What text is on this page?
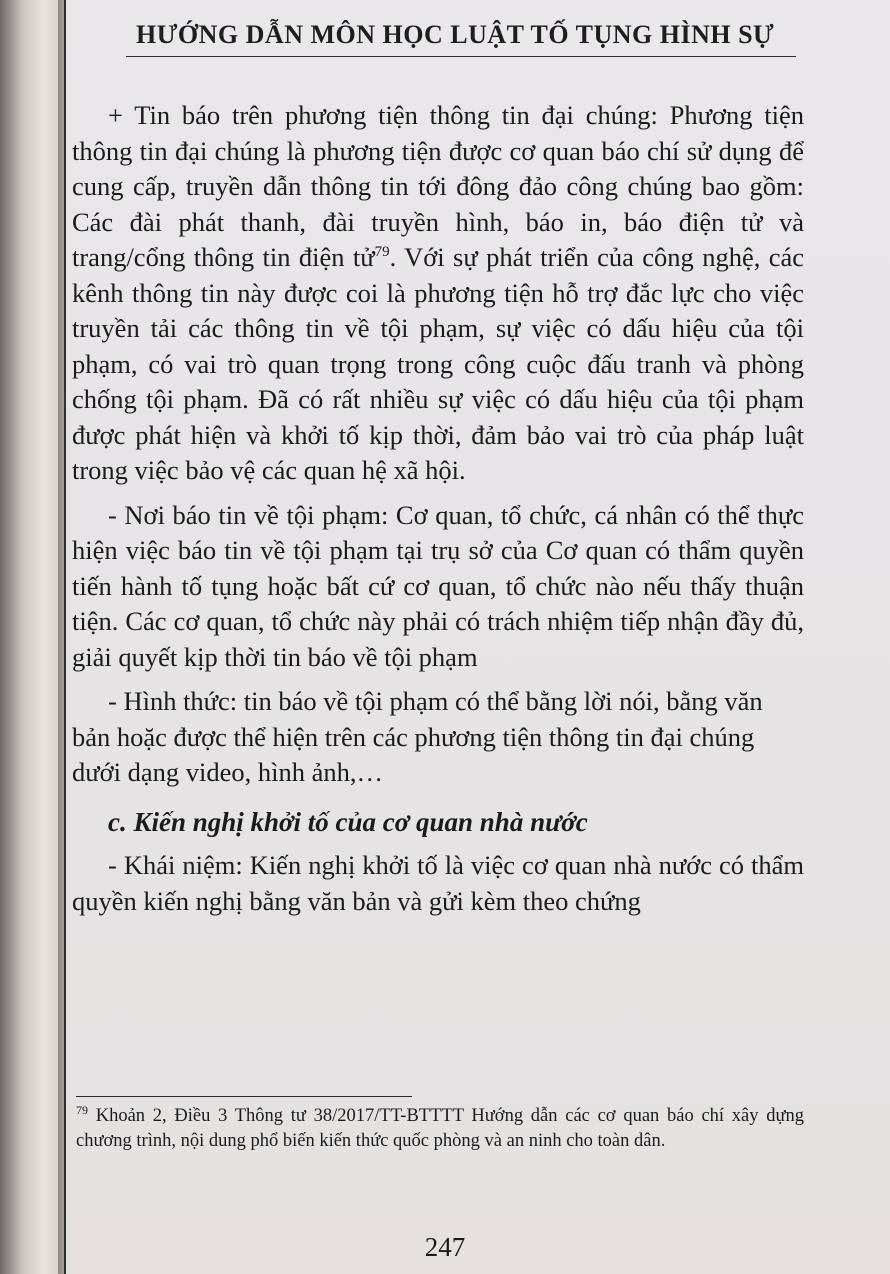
HƯỚNG DẪN MÔN HỌC LUẬT TỐ TỤNG HÌNH SỰ

+ Tin báo trên phương tiện thông tin đại chúng: Phương tiện thông tin đại chúng là phương tiện được cơ quan báo chí sử dụng để cung cấp, truyền dẫn thông tin tới đông đảo công chúng bao gồm: Các đài phát thanh, đài truyền hình, báo in, báo điện tử và trang/cổng thông tin điện tử$^{79}$. Với sự phát triển của công nghệ, các kênh thông tin này được coi là phương tiện hỗ trợ đắc lực cho việc truyền tải các thông tin về tội phạm, sự việc có dấu hiệu của tội phạm, có vai trò quan trọng trong công cuộc đấu tranh và phòng chống tội phạm. Đã có rất nhiều sự việc có dấu hiệu của tội phạm được phát hiện và khởi tố kịp thời, đảm bảo vai trò của pháp luật trong việc bảo vệ các quan hệ xã hội.

- Nơi báo tin về tội phạm: Cơ quan, tổ chức, cá nhân có thể thực hiện việc báo tin về tội phạm tại trụ sở của Cơ quan có thẩm quyền tiến hành tố tụng hoặc bất cứ cơ quan, tổ chức nào nếu thấy thuận tiện. Các cơ quan, tổ chức này phải có trách nhiệm tiếp nhận đầy đủ, giải quyết kịp thời tin báo về tội phạm

- Hình thức: tin báo về tội phạm có thể bằng lời nói, bằng văn bản hoặc được thể hiện trên các phương tiện thông tin đại chúng dưới dạng video, hình ảnh,…

c. Kiến nghị khởi tố của cơ quan nhà nước

- Khái niệm: Kiến nghị khởi tố là việc cơ quan nhà nước có thẩm quyền kiến nghị bằng văn bản và gửi kèm theo chứng

$^{79}$ Khoản 2, Điều 3 Thông tư 38/2017/TT-BTTTT Hướng dẫn các cơ quan báo chí xây dựng chương trình, nội dung phổ biến kiến thức quốc phòng và an ninh cho toàn dân.
247
